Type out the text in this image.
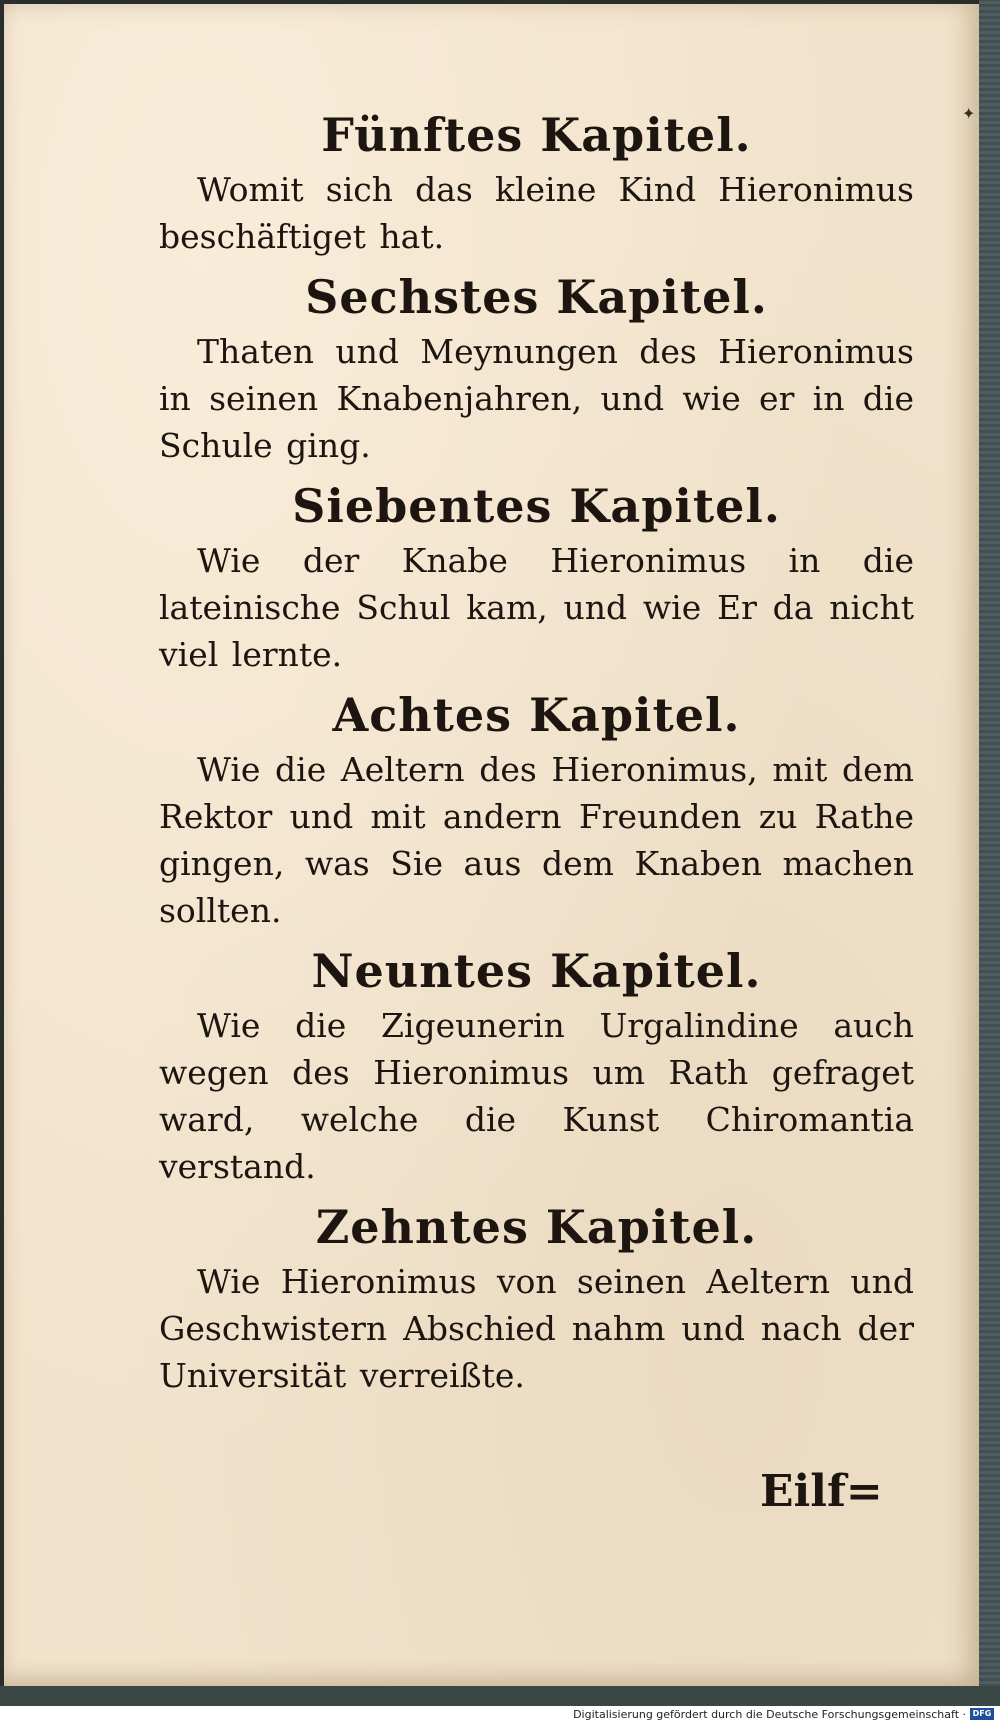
✦
Fünftes Kapitel.

Womit sich das kleine Kind Hieronimus beschäftiget hat.

Sechstes Kapitel.

Thaten und Meynungen des Hieronimus in seinen Knabenjahren, und wie er in die Schule ging.

Siebentes Kapitel.

Wie der Knabe Hieronimus in die lateinische Schul kam, und wie Er da nicht viel lernte.

Achtes Kapitel.

Wie die Aeltern des Hieronimus, mit dem Rektor und mit andern Freunden zu Rathe gingen, was Sie aus dem Knaben machen sollten.

Neuntes Kapitel.

Wie die Zigeunerin Urgalindine auch wegen des Hieronimus um Rath gefraget ward, welche die Kunst Chiromantia verstand.

Zehntes Kapitel.

Wie Hieronimus von seinen Aeltern und Geschwistern Abschied nahm und nach der Universität verreißte.

Eilf=
Digitalisierung gefördert durch die Deutsche Forschungsgemeinschaft · DFG
